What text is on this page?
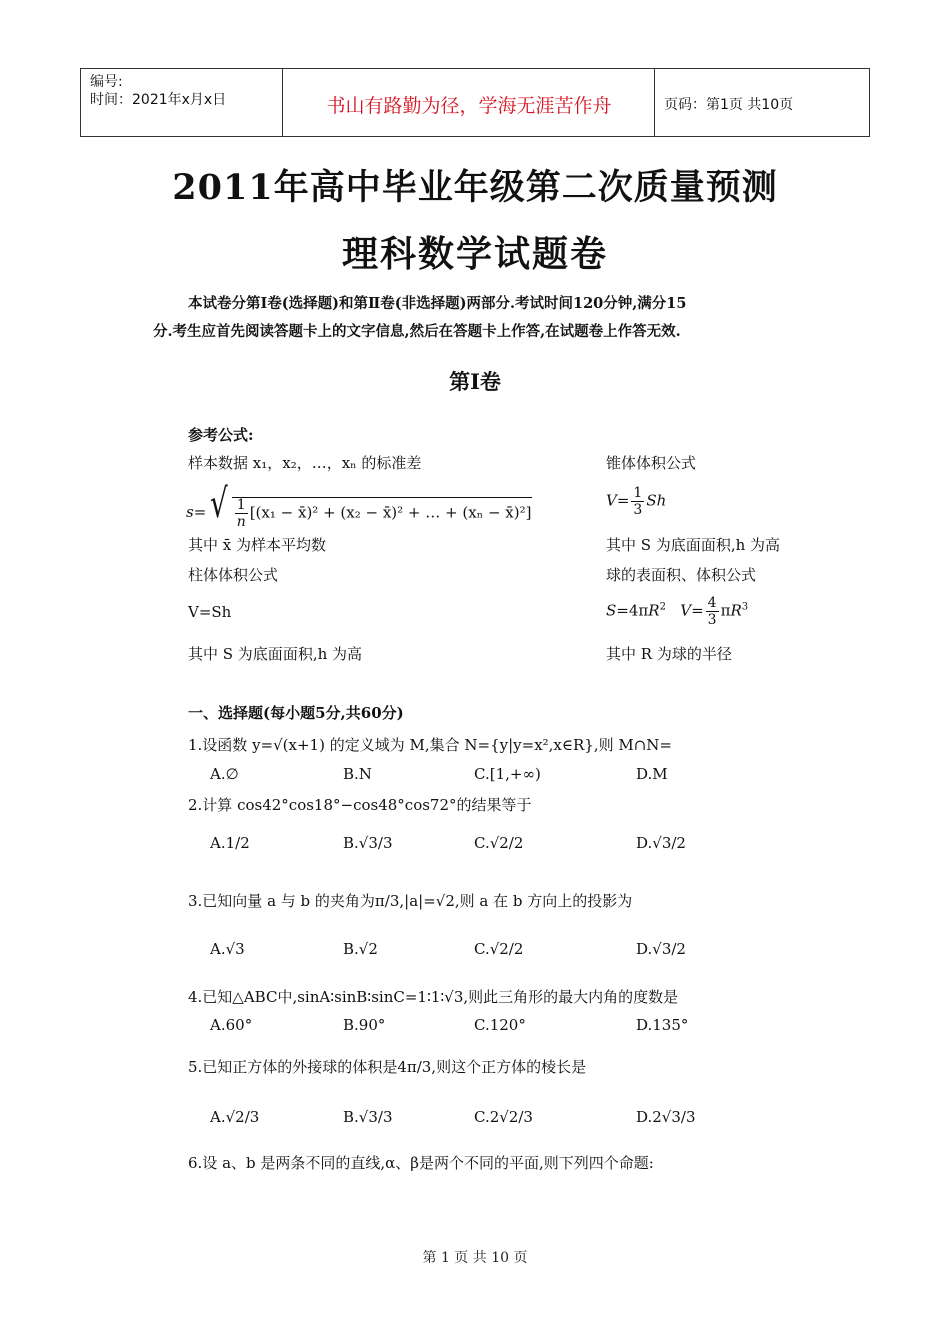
编号:
时间：2021年x月x日	书山有路勤为径，学海无涯苦作舟	页码：第1页 共10页
2011年高中毕业年级第二次质量预测
理科数学试题卷
本试卷分第Ⅰ卷(选择题)和第Ⅱ卷(非选择题)两部分.考试时间120分钟,满分15
分.考生应首先阅读答题卡上的文字信息,然后在答题卡上作答,在试题卷上作答无效.
第Ⅰ卷
参考公式:
样本数据 x₁，x₂，…，xₙ 的标准差
$s=√ \frac{1}{n} [(x_1$ − x̄)² + (x₂ − x̄)² + … + (xₙ − x̄)²]
其中 x̄ 为样本平均数
柱体体积公式
V=Sh
其中 S 为底面面积,h 为高
锥体体积公式
$V= \frac{1}{3}$ Sh
其中 S 为底面面积,h 为高
球的表面积、体积公式
$S=4\pi R^2$ $V= \frac{4}{3} \pi R^3$
其中 R 为球的半径
一、选择题(每小题5分,共60分)
1.设函数 y=√(x+1) 的定义域为 M,集合 N={y|y=x²,x∈R},则 M∩N=
A.∅	B.N	C.[1,+∞)	D.M
2.计算 cos42°cos18°−cos48°cos72°的结果等于
A.1/2	B.√3/3	C.√2/2	D.√3/2
3.已知向量 a 与 b 的夹角为π/3,|a|=√2,则 a 在 b 方向上的投影为
A.√3	B.√2	C.√2/2	D.√3/2
4.已知△ABC中,sinA∶sinB∶sinC=1∶1∶√3,则此三角形的最大内角的度数是
A.60°	B.90°	C.120°	D.135°
5.已知正方体的外接球的体积是4π/3,则这个正方体的棱长是
A.√2/3	B.√3/3	C.2√2/3	D.2√3/3
6.设 a、b 是两条不同的直线,α、β是两个不同的平面,则下列四个命题:
第 1 页 共 10 页
